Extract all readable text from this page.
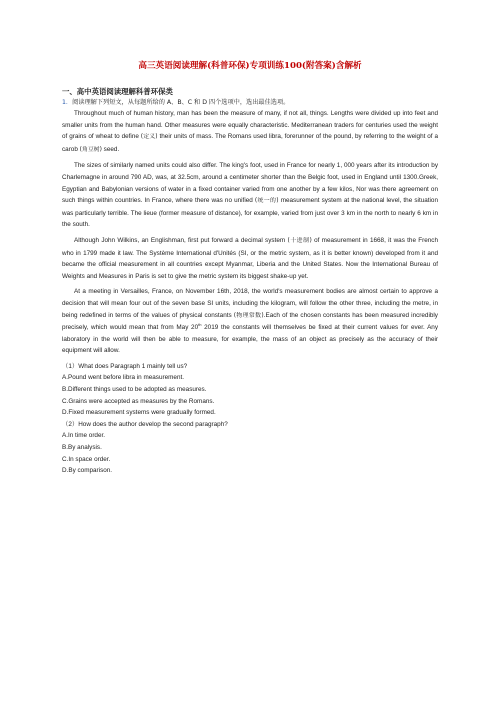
高三英语阅读理解(科普环保)专项训练100(附答案)含解析
一、高中英语阅读理解科普环保类
1．阅读理解下列短文，从每题所给的 A、B、C 和 D 四个选项中，选出最佳选项。

Throughout much of human history, man has been the measure of many, if not all, things. Lengths were divided up into feet and smaller units from the human hand. Other measures were equally characteristic. Mediterranean traders for centuries used the weight of grains of wheat to define (定义) their units of mass. The Romans used libra, forerunner of the pound, by referring to the weight of a carob (角豆树) seed.

The sizes of similarly named units could also differ. The king's foot, used in France for nearly 1, 000 years after its introduction by Charlemagne in around 790 AD, was, at 32.5cm, around a centimeter shorter than the Belgic foot, used in England until 1300.Greek, Egyptian and Babylonian versions of water in a fixed container varied from one another by a few kilos, Nor was there agreement on such things within countries. In France, where there was no unified (统一的) measurement system at the national level, the situation was particularly terrible. The lieue (former measure of distance), for example, varied from just over 3 km in the north to nearly 6 km in the south.

Although John Wilkins, an Englishman, first put forward a decimal system (十进制) of measurement in 1668, it was the French who in 1799 made it law. The Système International d'Unités (SI, or the metric system, as it is better known) developed from it and became the official measurement in all countries except Myanmar, Liberia and the United States. Now the International Bureau of Weights and Measures in Paris is set to give the metric system its biggest shake-up yet.

At a meeting in Versailles, France, on November 16th, 2018, the world's measurement bodies are almost certain to approve a decision that will mean four out of the seven base SI units, including the kilogram, will follow the other three, including the metre, in being redefined in terms of the values of physical constants (物理常数).Each of the chosen constants has been measured incredibly precisely, which would mean that from May 20th 2019 the constants will themselves be fixed at their current values for ever. Any laboratory in the world will then be able to measure, for example, the mass of an object as precisely as the accuracy of their equipment will allow.

（1）What does Paragraph 1 mainly tell us?
A.Pound went before libra in measurement.
B.Different things used to be adopted as measures.
C.Grains were accepted as measures by the Romans.
D.Fixed measurement systems were gradually formed.
（2）How does the author develop the second paragraph?
A.In time order.
B.By analysis.
C.In space order.
D.By comparison.
